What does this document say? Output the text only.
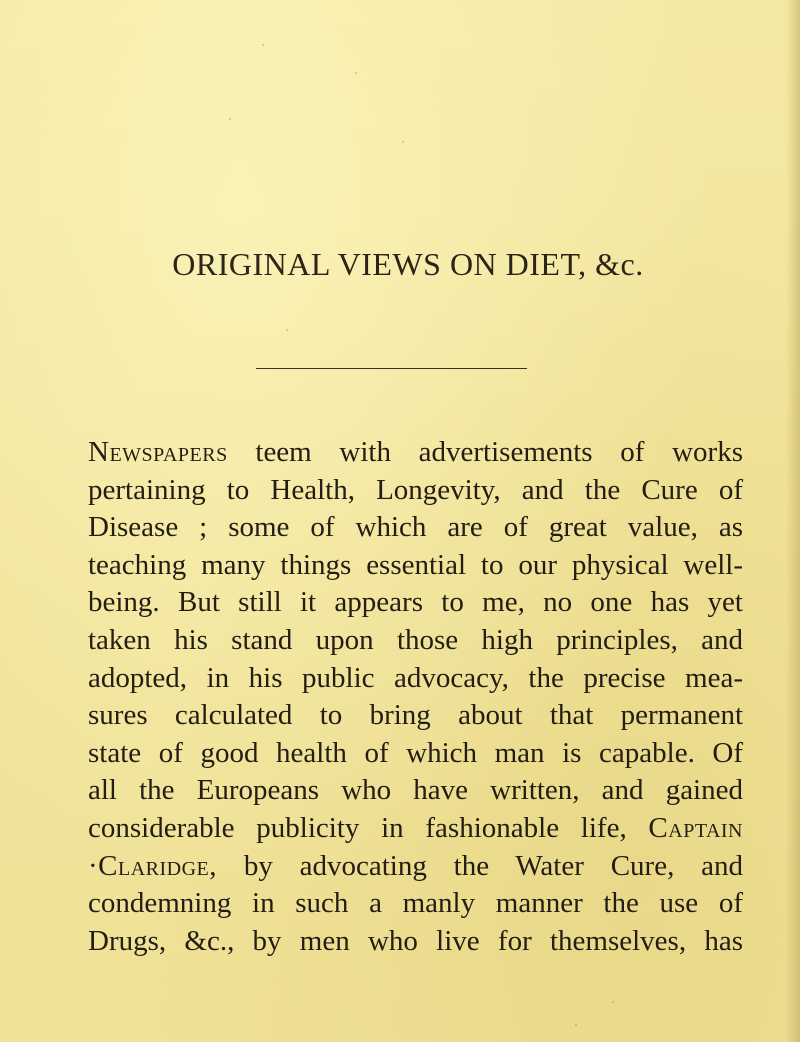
ORIGINAL VIEWS ON DIET, &c.
Newspapers teem with advertisements of works
pertaining to Health, Longevity, and the Cure of
Disease ; some of which are of great value, as
teaching many things essential to our physical well-
being. But still it appears to me, no one has yet
taken his stand upon those high principles, and
adopted, in his public advocacy, the precise mea-
sures calculated to bring about that permanent
state of good health of which man is capable. Of
all the Europeans who have written, and gained
considerable publicity in fashionable life, Captain
·Claridge, by advocating the Water Cure, and
condemning in such a manly manner the use of
Drugs, &c., by men who live for themselves, has
